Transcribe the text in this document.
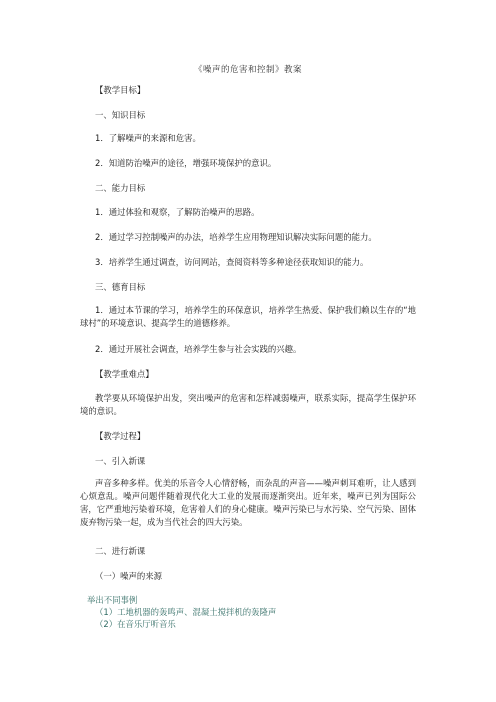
《噪声的危害和控制》教案
【教学目标】
一、知识目标
1．了解噪声的来源和危害。
2．知道防治噪声的途径，增强环境保护的意识。
二、能力目标
1．通过体验和观察，了解防治噪声的思路。
2．通过学习控制噪声的办法，培养学生应用物理知识解决实际问题的能力。
3．培养学生通过调查，访问网站，查阅资料等多种途径获取知识的能力。
三、德育目标
1．通过本节课的学习，培养学生的环保意识，培养学生热爱、保护我们赖以生存的“地球村”的环境意识、提高学生的道德修养。
2．通过开展社会调查，培养学生参与社会实践的兴趣。
【教学重难点】
教学要从环境保护出发，突出噪声的危害和怎样减弱噪声，联系实际，提高学生保护环境的意识。
【教学过程】
一、引入新课
声音多种多样。优美的乐音令人心情舒畅，而杂乱的声音——噪声刺耳难听，让人感到心烦意乱。噪声问题伴随着现代化大工业的发展而逐渐突出。近年来，噪声已列为国际公害，它严重地污染着环境，危害着人们的身心健康。噪声污染已与水污染、空气污染、固体废弃物污染一起，成为当代社会的四大污染。
二、进行新课
（一）噪声的来源
举出不同事例
（1）工地机器的轰鸣声、混凝土搅拌机的轰隆声
（2）在音乐厅听音乐
